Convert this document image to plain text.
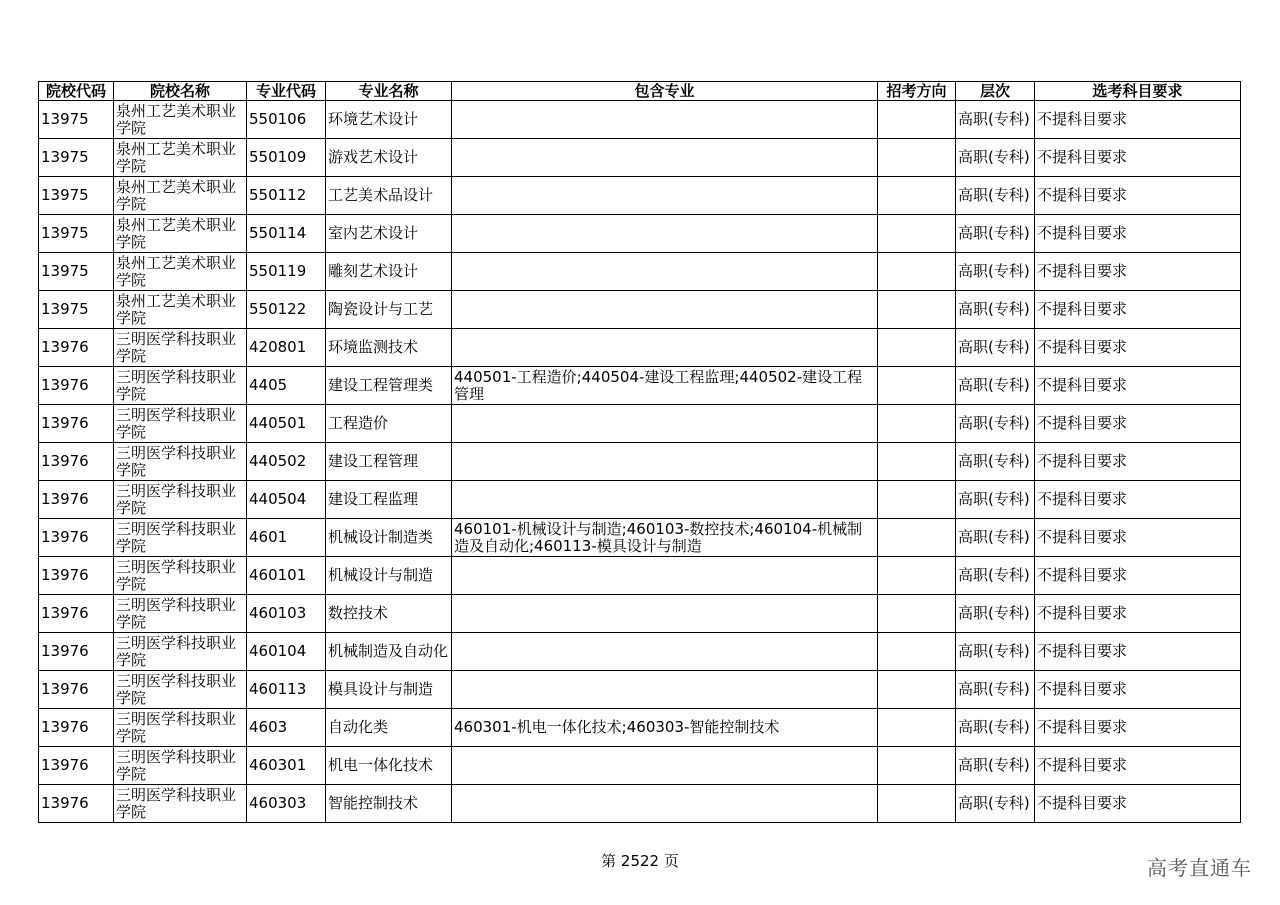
院校代码	院校名称	专业代码	专业名称	包含专业	招考方向	层次	选考科目要求
13975	泉州工艺美术职业学院	550106	环境艺术设计			高职(专科)	不提科目要求
13975	泉州工艺美术职业学院	550109	游戏艺术设计			高职(专科)	不提科目要求
13975	泉州工艺美术职业学院	550112	工艺美术品设计			高职(专科)	不提科目要求
13975	泉州工艺美术职业学院	550114	室内艺术设计			高职(专科)	不提科目要求
13975	泉州工艺美术职业学院	550119	雕刻艺术设计			高职(专科)	不提科目要求
13975	泉州工艺美术职业学院	550122	陶瓷设计与工艺			高职(专科)	不提科目要求
13976	三明医学科技职业学院	420801	环境监测技术			高职(专科)	不提科目要求
13976	三明医学科技职业学院	4405	建设工程管理类	440501-工程造价;440504-建设工程监理;440502-建设工程管理		高职(专科)	不提科目要求
13976	三明医学科技职业学院	440501	工程造价			高职(专科)	不提科目要求
13976	三明医学科技职业学院	440502	建设工程管理			高职(专科)	不提科目要求
13976	三明医学科技职业学院	440504	建设工程监理			高职(专科)	不提科目要求
13976	三明医学科技职业学院	4601	机械设计制造类	460101-机械设计与制造;460103-数控技术;460104-机械制造及自动化;460113-模具设计与制造		高职(专科)	不提科目要求
13976	三明医学科技职业学院	460101	机械设计与制造			高职(专科)	不提科目要求
13976	三明医学科技职业学院	460103	数控技术			高职(专科)	不提科目要求
13976	三明医学科技职业学院	460104	机械制造及自动化			高职(专科)	不提科目要求
13976	三明医学科技职业学院	460113	模具设计与制造			高职(专科)	不提科目要求
13976	三明医学科技职业学院	4603	自动化类	460301-机电一体化技术;460303-智能控制技术		高职(专科)	不提科目要求
13976	三明医学科技职业学院	460301	机电一体化技术			高职(专科)	不提科目要求
13976	三明医学科技职业学院	460303	智能控制技术			高职(专科)	不提科目要求
第 2522 页	高考直通车
